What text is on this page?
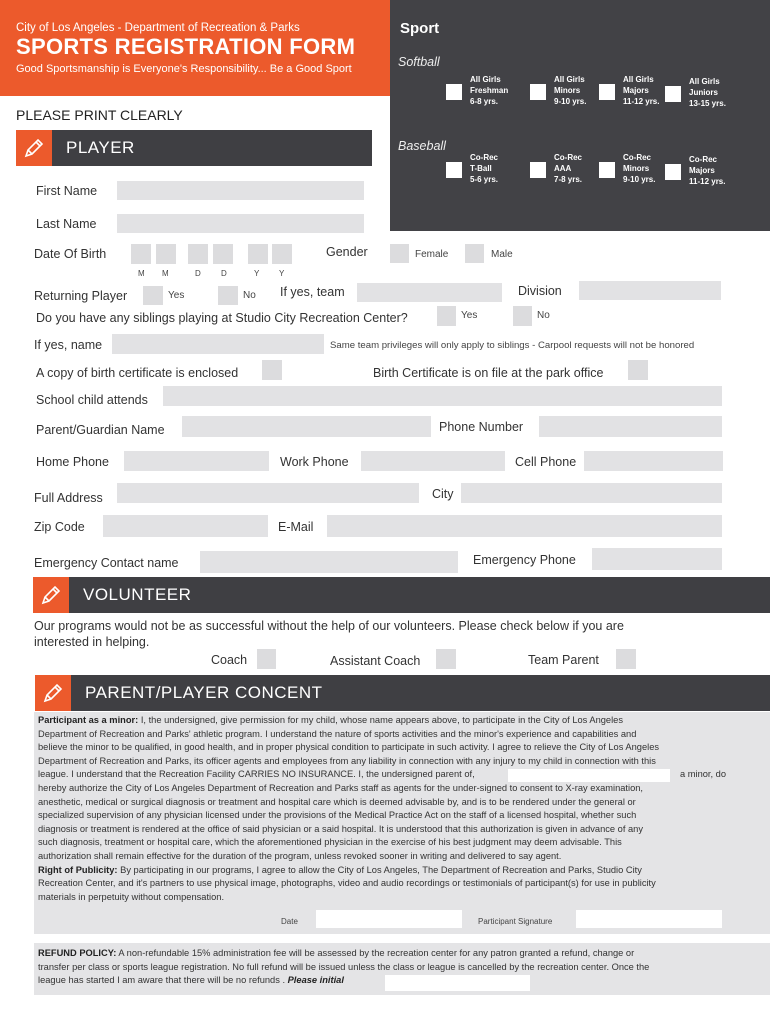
City of Los Angeles - Department of Recreation & Parks
SPORTS REGISTRATION FORM
Good Sportsmanship is Everyone's Responsibility... Be a Good Sport
PLEASE PRINT CLEARLY
Sport
Softball
Baseball
All Girls
Freshman
6-8 yrs.
All Girls
Minors
9-10 yrs.
All Girls
Majors
11-12 yrs.
All Girls
Juniors
13-15 yrs.
Co-Rec
T-Ball
5-6 yrs.
Co-Rec
AAA
7-8 yrs.
Co-Rec
Minors
9-10 yrs.
Co-Rec
Majors
11-12 yrs.
PLAYER
First Name
Last Name
Date Of Birth
M M	D	D	Y Y
Gender	Female	Male
Returning Player	Yes	No If yes, team	Division
Do you have any siblings playing at Studio City Recreation Center?	Yes	No
If yes, name	Same team privileges will only apply to siblings - Carpool requests will not be honored
A copy of birth certificate is enclosed	Birth Certificate is on file at the park office
School child attends
Parent/Guardian Name	Phone Number
Home Phone	Work Phone	Cell Phone
Full Address	City
Zip Code	E-Mail
Emergency Contact name	Emergency Phone
VOLUNTEER
Our programs would not be as successful without the help of our volunteers. Please check below if you are
interested in helping.
Coach	Assistant Coach	Team Parent
PARENT/PLAYER CONCENT
Participant as a minor: I, the undersigned, give permission for my child, whose name appears above, to participate in the City of Los Angeles
Department of Recreation and Parks' athletic program. I understand the nature of sports activities and the minor's experience and capabilities and
believe the minor to be qualified, in good health, and in proper physical condition to participate in such activity. I agree to relieve the City of Los Angeles
Department of Recreation and Parks, its officer agents and employees from any liability in connection with any injury to my child in connection with this
league. I understand that the Recreation Facility CARRIES NO INSURANCE. I, the undersigned parent of,	a minor, do
hereby authorize the City of Los Angeles Department of Recreation and Parks staff as agents for the under-signed to consent to X-ray examination,
anesthetic, medical or surgical diagnosis or treatment and hospital care which is deemed advisable by, and is to be rendered under the general or
specialized supervision of any physician licensed under the provisions of the Medical Practice Act on the staff of a licensed hospital, whether such
diagnosis or treatment is rendered at the office of said physician or a said hospital. It is understood that this authorization is given in advance of any
such diagnosis, treatment or hospital care, which the aforementioned physician in the exercise of his best judgment may deem advisable. This
authorization shall remain effective for the duration of the program, unless revoked sooner in writing and delivered to say agent.
Right of Publicity: By participating in our programs, I agree to allow the City of Los Angeles, The Department of Recreation and Parks, Studio City
Recreation Center, and it's partners to use physical image, photographs, video and audio recordings or testimonials of participant(s) for use in publicity
materials in perpetuity without compensation.
Date	Participant Signature
REFUND POLICY: A non-refundable 15% administration fee will be assessed by the recreation center for any patron granted a refund, change or
transfer per class or sports league registration. No full refund will be issued unless the class or league is cancelled by the recreation center. Once the
league has started I am aware that there will be no refunds . Please initial
